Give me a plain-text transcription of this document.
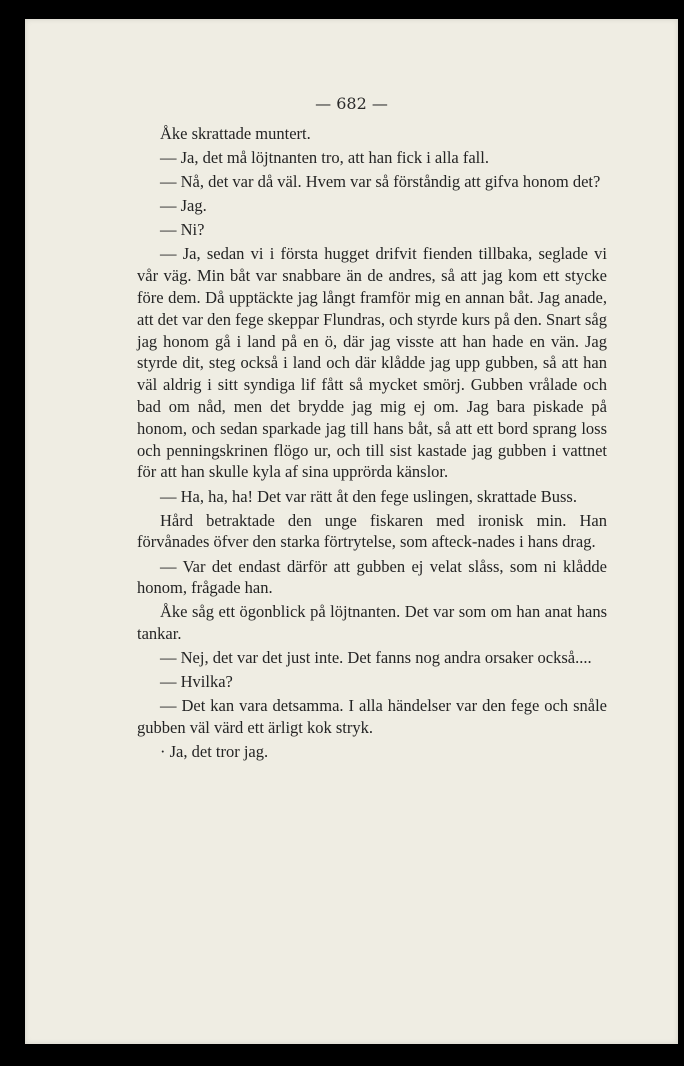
— 682 —

Åke skrattade muntert.

— Ja, det må löjtnanten tro, att han fick i alla fall.

— Nå, det var då väl. Hvem var så förståndig att gifva honom det?

— Jag.

— Ni?

— Ja, sedan vi i första hugget drifvit fienden tillbaka, seglade vi vår väg. Min båt var snabbare än de andres, så att jag kom ett stycke före dem. Då upptäckte jag långt framför mig en annan båt. Jag anade, att det var den fege skeppar Flundras, och styrde kurs på den. Snart såg jag honom gå i land på en ö, där jag visste att han hade en vän. Jag styrde dit, steg också i land och där klådde jag upp gubben, så att han väl aldrig i sitt syndiga lif fått så mycket smörj. Gubben vrålade och bad om nåd, men det brydde jag mig ej om. Jag bara piskade på honom, och sedan sparkade jag till hans båt, så att ett bord sprang loss och penningskrinen flögo ur, och till sist kastade jag gubben i vattnet för att han skulle kyla af sina upprörda känslor.

— Ha, ha, ha! Det var rätt åt den fege uslingen, skrattade Buss.

Hård betraktade den unge fiskaren med ironisk min. Han förvånades öfver den starka förtrytelse, som afteck-nades i hans drag.

— Var det endast därför att gubben ej velat slåss, som ni klådde honom, frågade han.

Åke såg ett ögonblick på löjtnanten. Det var som om han anat hans tankar.

— Nej, det var det just inte. Det fanns nog andra orsaker också....

— Hvilka?

— Det kan vara detsamma. I alla händelser var den fege och snåle gubben väl värd ett ärligt kok stryk.

· Ja, det tror jag.
